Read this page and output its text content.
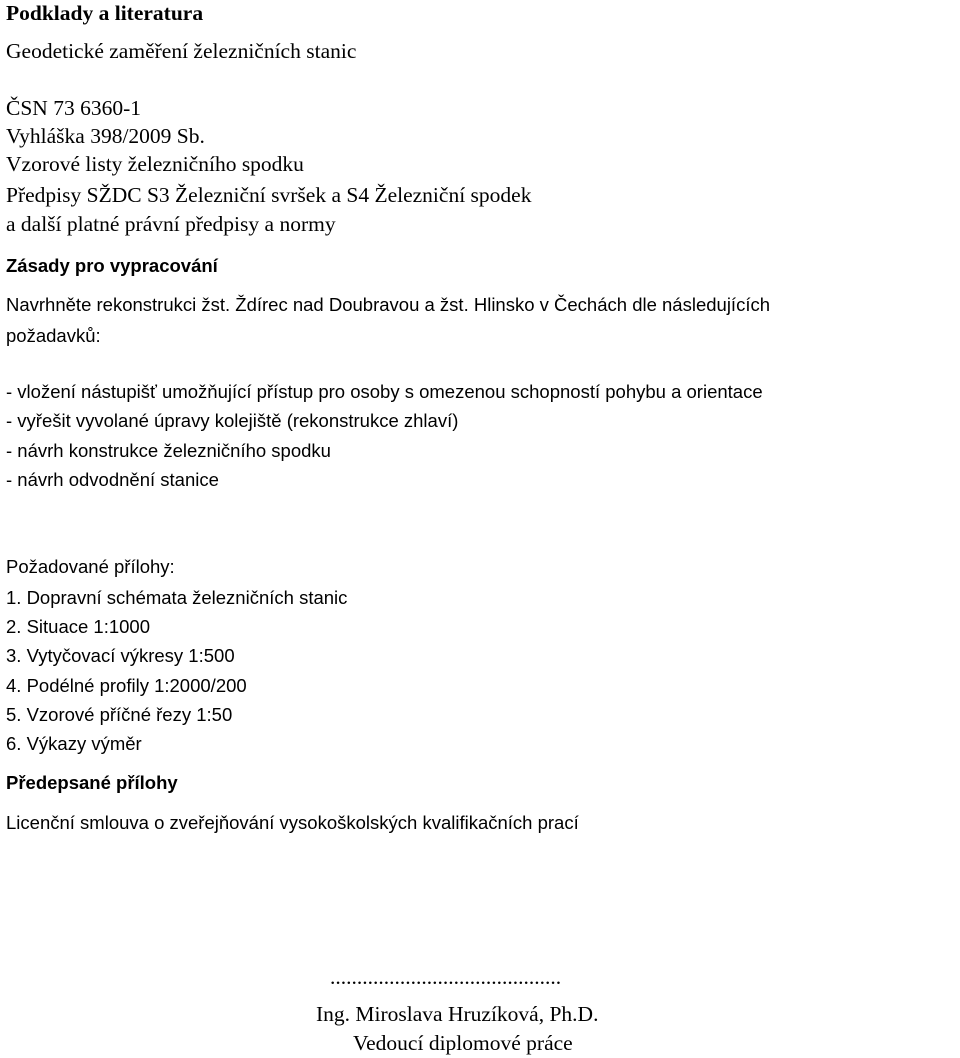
Podklady a literatura
Geodetické zaměření železničních stanic
ČSN 73 6360-1
Vyhláška 398/2009 Sb.
Vzorové listy železničního spodku
Předpisy SŽDC S3 Železniční svršek a S4 Železniční spodek
a další platné právní předpisy a normy
Zásady pro vypracování
Navrhněte rekonstrukci žst. Ždírec nad Doubravou a žst. Hlinsko v Čechách dle následujících
požadavků:
- vložení nástupišť umožňující přístup pro osoby s omezenou schopností pohybu a orientace
- vyřešit vyvolané úpravy kolejiště (rekonstrukce zhlaví)
- návrh konstrukce železničního spodku
- návrh odvodnění stanice
Požadované přílohy:
1. Dopravní schémata železničních stanic
2. Situace 1:1000
3. Vytyčovací výkresy 1:500
4. Podélné profily 1:2000/200
5. Vzorové příčné řezy 1:50
6. Výkazy výměr
Předepsané přílohy
Licenční smlouva o zveřejňování vysokoškolských kvalifikačních prací
...........................................
Ing. Miroslava Hruzíková, Ph.D.
Vedoucí diplomové práce
